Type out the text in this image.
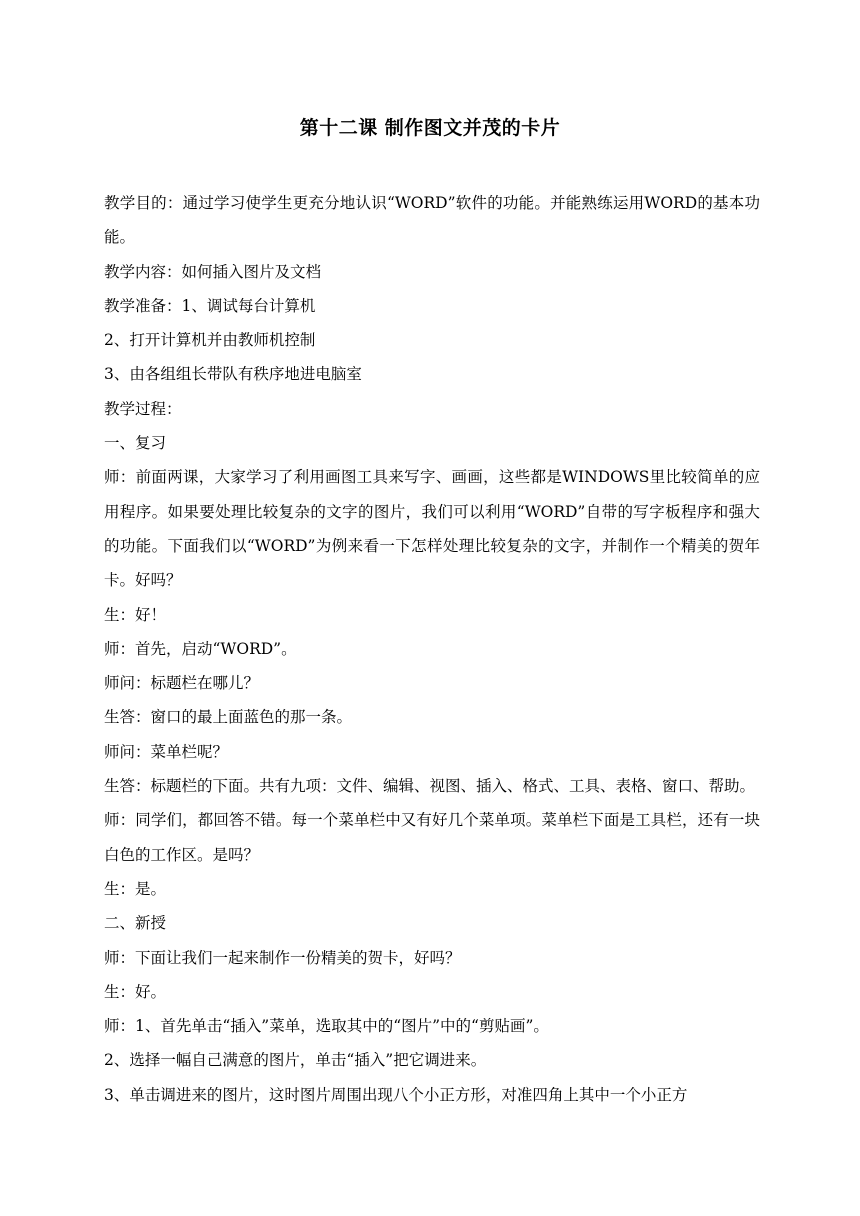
第十二课 制作图文并茂的卡片

教学目的：通过学习使学生更充分地认识“WORD”软件的功能。并能熟练运用WORD的基本功能。

教学内容：如何插入图片及文档

教学准备：1、调试每台计算机

2、打开计算机并由教师机控制

3、由各组组长带队有秩序地进电脑室

教学过程：

一、复习

师：前面两课，大家学习了利用画图工具来写字、画画，这些都是WINDOWS里比较简单的应用程序。如果要处理比较复杂的文字的图片，我们可以利用“WORD”自带的写字板程序和强大的功能。下面我们以“WORD”为例来看一下怎样处理比较复杂的文字，并制作一个精美的贺年卡。好吗？

生：好！

师：首先，启动“WORD”。

师问：标题栏在哪儿？

生答：窗口的最上面蓝色的那一条。

师问：菜单栏呢？

生答：标题栏的下面。共有九项：文件、编辑、视图、插入、格式、工具、表格、窗口、帮助。

师：同学们，都回答不错。每一个菜单栏中又有好几个菜单项。菜单栏下面是工具栏，还有一块白色的工作区。是吗？

生：是。

二、新授

师：下面让我们一起来制作一份精美的贺卡，好吗？

生：好。

师：1、首先单击“插入”菜单，选取其中的“图片”中的“剪贴画”。

2、选择一幅自己满意的图片，单击“插入”把它调进来。

3、单击调进来的图片，这时图片周围出现八个小正方形，对准四角上其中一个小正方
